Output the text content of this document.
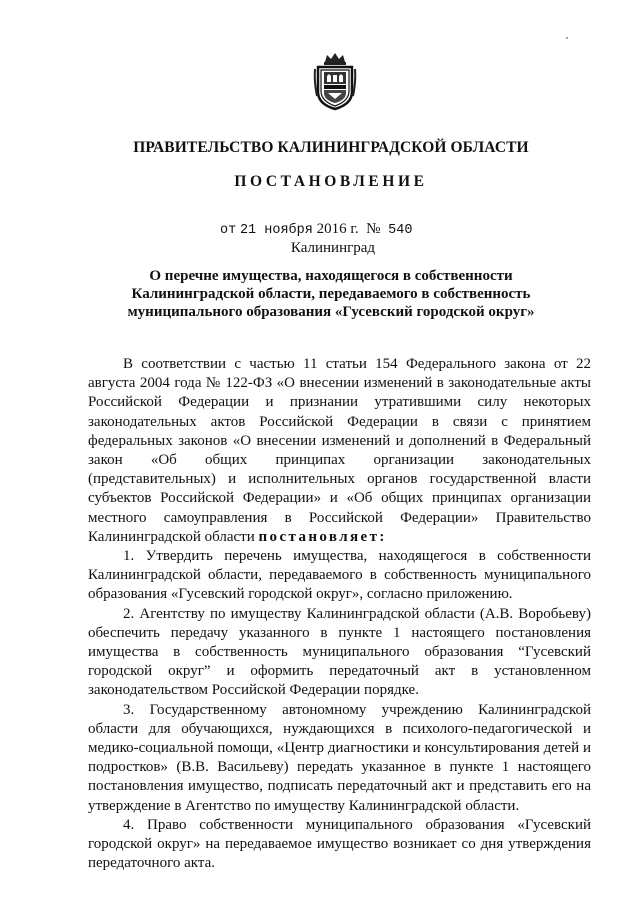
ПРАВИТЕЛЬСТВО КАЛИНИНГРАДСКОЙ ОБЛАСТИ
ПОСТАНОВЛЕНИЕ
от 21 ноября 2016 г. № 540
Калининград
О перечне имущества, находящегося в собственности
Калининградской области, передаваемого в собственность
муниципального образования «Гусевский городской округ»

В соответствии с частью 11 статьи 154 Федерального закона от 22 августа 2004 года № 122-ФЗ «О внесении изменений в законодательные акты Российской Федерации и признании утратившими силу некоторых законодательных актов Российской Федерации в связи с принятием федеральных законов «О внесении изменений и дополнений в Федеральный закон «Об общих принципах организации законодательных (представительных) и исполнительных органов государственной власти субъектов Российской Федерации» и «Об общих принципах организации местного самоуправления в Российской Федерации» Правительство Калининградской области постановляет:

1. Утвердить перечень имущества, находящегося в собственности Калининградской области, передаваемого в собственность муниципального образования «Гусевский городской округ», согласно приложению.

2. Агентству по имуществу Калининградской области (А.В. Воробьеву) обеспечить передачу указанного в пункте 1 настоящего постановления имущества в собственность муниципального образования “Гусевский городской округ” и оформить передаточный акт в установленном законодательством Российской Федерации порядке.

3. Государственному автономному учреждению Калининградской области для обучающихся, нуждающихся в психолого-педагогической и медико-социальной помощи, «Центр диагностики и консультирования детей и подростков» (В.В. Васильеву) передать указанное в пункте 1 настоящего постановления имущество, подписать передаточный акт и представить его на утверждение в Агентство по имуществу Калининградской области.

4. Право собственности муниципального образования «Гусевский городской округ» на передаваемое имущество возникает со дня утверждения передаточного акта.
